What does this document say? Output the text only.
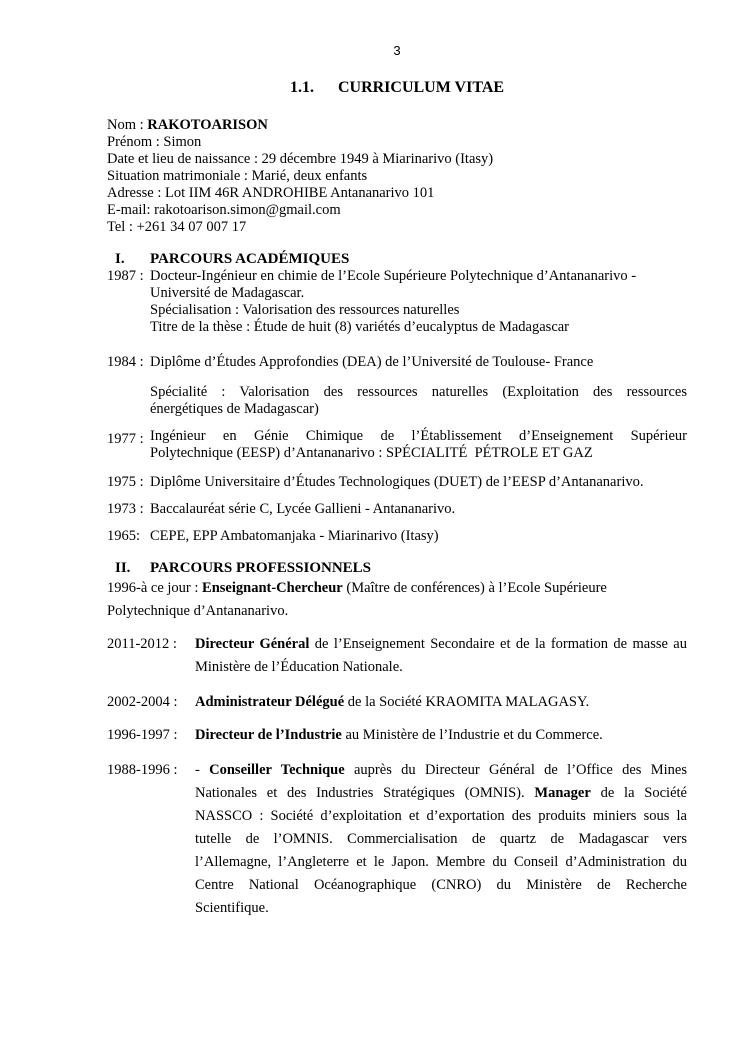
3
1.1. CURRICULUM VITAE
Nom : RAKOTOARISON
Prénom : Simon
Date et lieu de naissance : 29 décembre 1949 à Miarinarivo (Itasy)
Situation matrimoniale : Marié, deux enfants
Adresse : Lot IIM 46R ANDROHIBE Antananarivo 101
E-mail: rakotoarison.simon@gmail.com
Tel : +261 34 07 007 17
I.	PARCOURS ACADÉMIQUES
1987 : Docteur-Ingénieur en chimie de l’Ecole Supérieure Polytechnique d’Antananarivo -
Université de Madagascar.
Spécialisation : Valorisation des ressources naturelles
Titre de la thèse : Étude de huit (8) variétés d’eucalyptus de Madagascar
1984 : Diplôme d’Études Approfondies (DEA) de l’Université de Toulouse- France
Spécialité : Valorisation des ressources naturelles (Exploitation des ressources
énergétiques de Madagascar)
1977 : Ingénieur en Génie Chimique de l’Établissement d’Enseignement Supérieur
Polytechnique (EESP) d’Antananarivo : SPÉCIALITÉ  PÉTROLE ET GAZ
1975 : Diplôme Universitaire d’Études Technologiques (DUET) de l’EESP d’Antananarivo.
1973 : Baccalauréat série C, Lycée Gallieni - Antananarivo.
1965: CEPE, EPP Ambatomanjaka - Miarinarivo (Itasy)
II.	PARCOURS PROFESSIONNELS
1996-à ce jour : Enseignant-Chercheur (Maître de conférences) à l’Ecole Supérieure
Polytechnique d’Antananarivo.
2011-2012 :	Directeur Général de l’Enseignement Secondaire et de la formation de masse au
Ministère de l’Éducation Nationale.
2002-2004 :	Administrateur Délégué de la Société KRAOMITA MALAGASY.
1996-1997 :	Directeur de l’Industrie au Ministère de l’Industrie et du Commerce.
1988-1996 :	- Conseiller Technique auprès du Directeur Général de l’Office des Mines
Nationales et des Industries Stratégiques (OMNIS). Manager de la Société
NASSCO : Société d’exploitation et d’exportation des produits miniers sous la
tutelle de l’OMNIS. Commercialisation de quartz de Madagascar vers
l’Allemagne, l’Angleterre et le Japon. Membre du Conseil d’Administration du
Centre National Océanographique (CNRO) du Ministère de Recherche
Scientifique.
